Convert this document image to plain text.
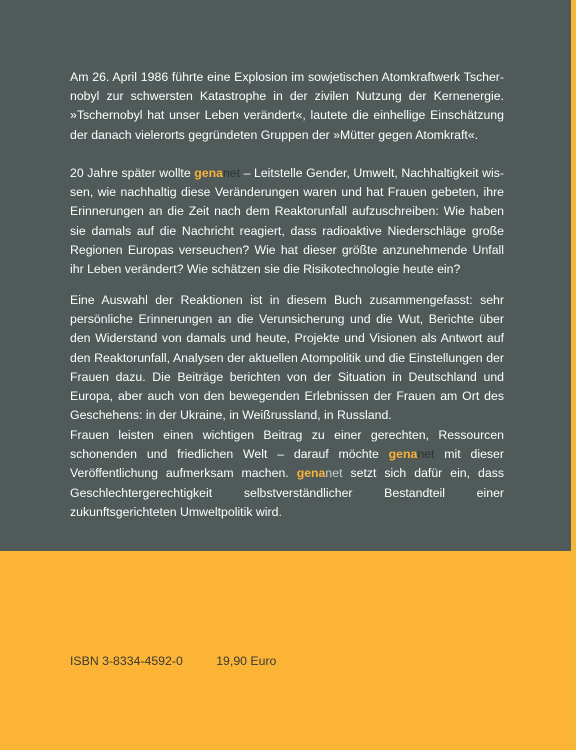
Am 26. April 1986 führte eine Explosion im sowjetischen Atomkraftwerk Tschernobyl zur schwersten Katastrophe in der zivilen Nutzung der Kernenergie. »Tschernobyl hat unser Leben verändert«, lautete die einhellige Einschätzung der danach vielerorts gegründeten Gruppen der »Mütter gegen Atomkraft«.

20 Jahre später wollte genanet – Leitstelle Gender, Umwelt, Nachhaltigkeit wissen, wie nachhaltig diese Veränderungen waren und hat Frauen gebeten, ihre Erinnerungen an die Zeit nach dem Reaktorunfall aufzuschreiben: Wie haben sie damals auf die Nachricht reagiert, dass radioaktive Niederschläge große Regionen Europas verseuchen? Wie hat dieser größte anzunehmende Unfall ihr Leben verändert? Wie schätzen sie die Risikotechnologie heute ein?

Eine Auswahl der Reaktionen ist in diesem Buch zusammengefasst: sehr persönliche Erinnerungen an die Verunsicherung und die Wut, Berichte über den Widerstand von damals und heute, Projekte und Visionen als Antwort auf den Reaktorunfall, Analysen der aktuellen Atompolitik und die Einstellungen der Frauen dazu. Die Beiträge berichten von der Situation in Deutschland und Europa, aber auch von den bewegenden Erlebnissen der Frauen am Ort des Geschehens: in der Ukraine, in Weißrussland, in Russland.

Frauen leisten einen wichtigen Beitrag zu einer gerechten, Ressourcen schonenden und friedlichen Welt – darauf möchte genanet mit dieser Veröffentlichung aufmerksam machen. genanet setzt sich dafür ein, dass Geschlechtergerechtigkeit selbstverständlicher Bestandteil einer zukunftsgerichteten Umweltpolitik wird.

ISBN 3-8334-4592-0	19,90 Euro
